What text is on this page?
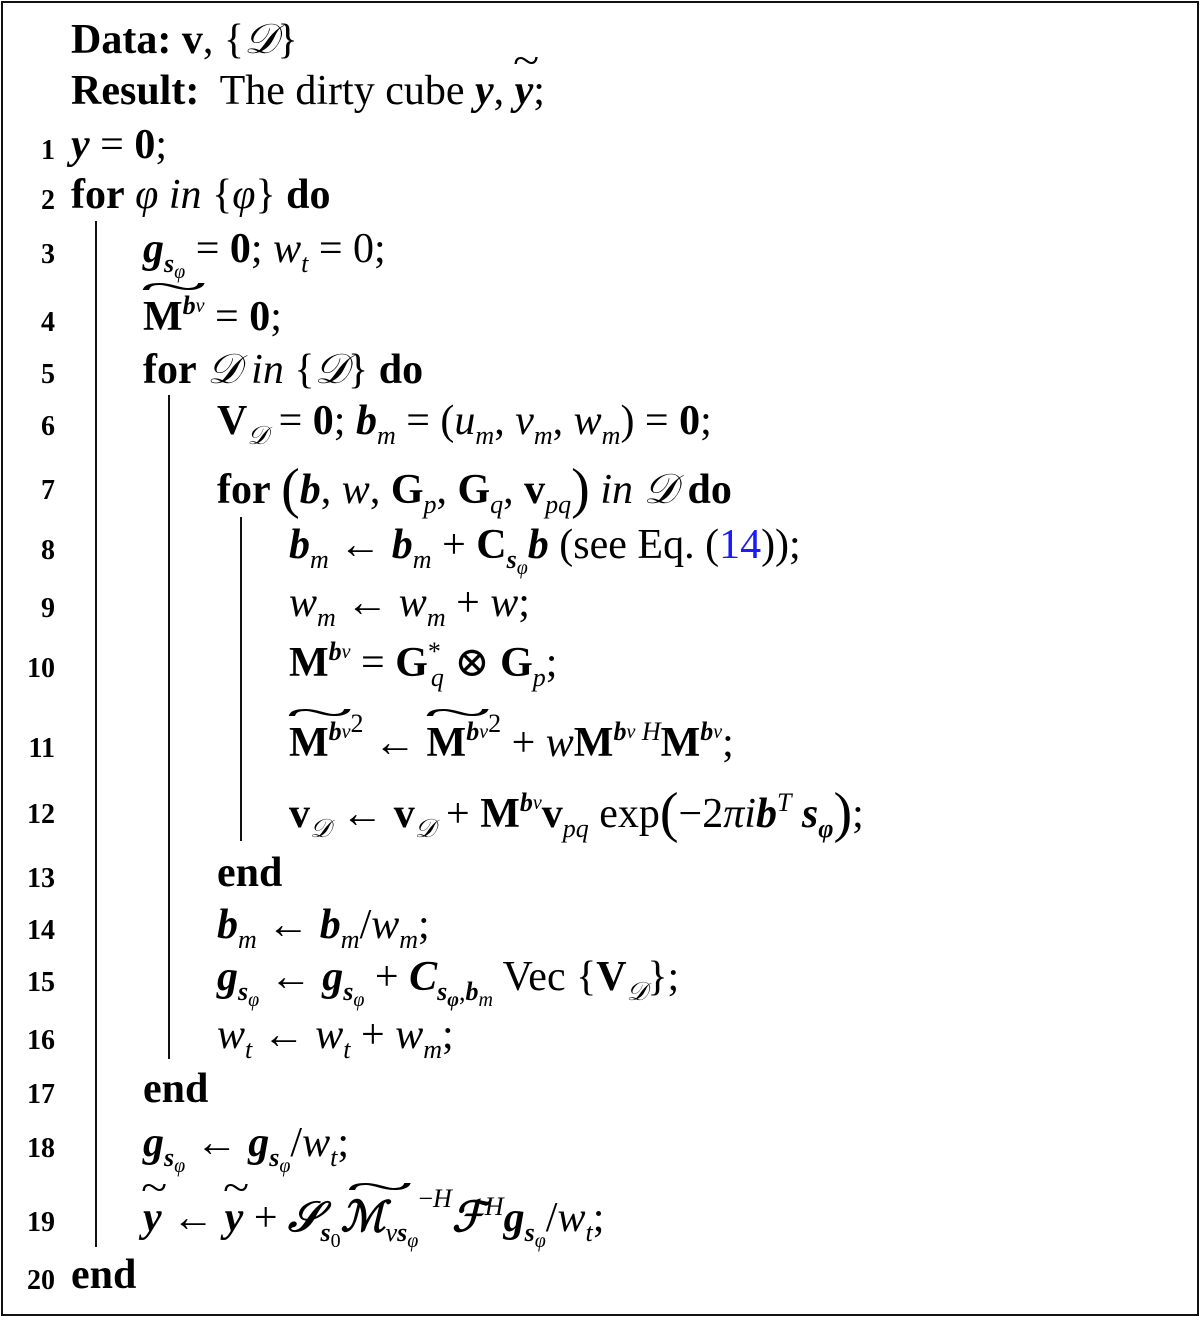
Data: v, {𝒟}
Result: The dirty cube y, ~ y;
1 y = 0;
2 for φ in {φ} do
3 $g_{s_\varphi} = 0$; $w_t = 0$;
4 ~ $M^{b\nu} = 0$;
5 for 𝒟 in {𝒟} do
6	$V_𝒟 = 0$; $b_m = (u_m$, $v_m$, $w_m) = 0$;
7	for (b, w, $G_p$, $G_q$, $v_{pq}$) in 𝒟 do
8	$b_m$ ← $b_m + C_{s_\varphi}b$ (see Eq. (14));
9	$w_m$ ← $w_m + w$;
10	$M^{b\nu} = G^*_q$ ⊗ $G_p$;
11	~ $M^{b\nu 2}$ ← ~ $M^{b\nu 2} + wM^{b\nu H}M^{b\nu}$;
12	$v_𝒟$ ← $v_𝒟 + M^{b\nu}v_{pq}$ exp(−2πib$^T$ $s_\varphi$);
13	end
14	$b_m$ ← $b_m/w_m$;
15	$g_{s_\varphi}$ ← $g_{s_\varphi} + C_{s_\varphi,b_m}$ Vec $\{V_𝒟\}$;
16	$w_t$ ← $w_t + w_m$;
17 end
18 $g_{s_\varphi}$ ← $g_{s_\varphi}/w_t$;
19 ~ y ← ~ y + 𝒮$_{s_0}$~ $ℳ_{\nu s_\varphi}^{-H}ℱ^Hg_{s_\varphi}/w_t$;
20 end
